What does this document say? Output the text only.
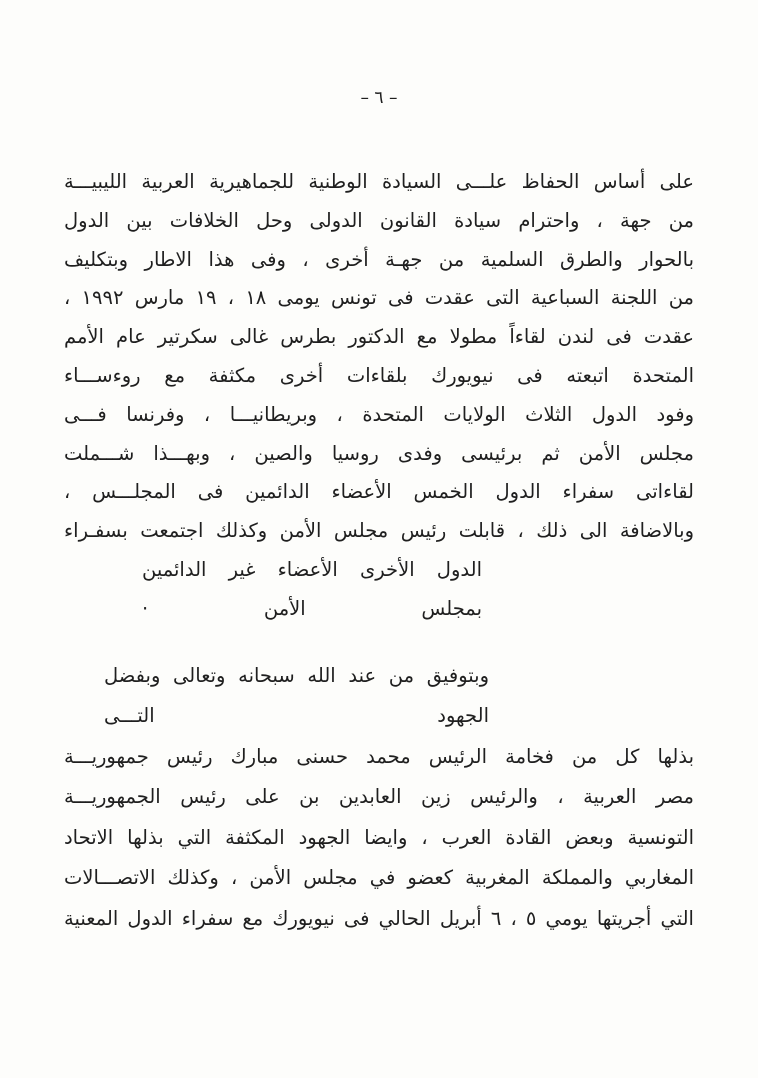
– ٦ –
على أساس الحفاظ علـــى السيادة الوطنية للجماهيرية العربية الليبيـــة
من جهة ، واحترام سيادة القانون الدولى وحل الخلافات بين الدول
بالحوار والطرق السلمية من جهـة أخرى ، وفى هذا الاطار وبتكليف
من اللجنة السباعية التى عقدت فى تونس يومى ١٨ ، ١٩ مارس ١٩٩٢ ،
عقدت فى لندن لقاءاً مطولا مع الدكتور بطرس غالى سكرتير عام الأمم
المتحدة اتبعته فى نيويورك بلقاءات أخرى مكثفة مع روءســـاء
وفود الدول الثلاث الولايات المتحدة ، وبريطانيـــا ، وفرنسا فـــى
مجلس الأمن ثم برئيسى وفدى روسيا والصين ، وبهـــذا شـــملت
لقاءاتى سفراء الدول الخمس الأعضاء الدائمين فى المجلـــس ،
وبالاضافة الى ذلك ، قابلت رئيس مجلس الأمن وكذلك اجتمعت بسفـراء
الدول الأخرى الأعضاء غير الدائمين بمجلس الأمن ·
وبتوفيق من عند الله سبحانه وتعالى وبفضل الجهود التـــى
بذلها كل من فخامة الرئيس محمد حسنى مبارك رئيس جمهوريـــة
مصر العربية ، والرئيس زين العابدين بن على رئيس الجمهوريـــة
التونسية وبعض القادة العرب ، وايضا الجهود المكثفة التي بذلها الاتحاد
المغاربي والمملكة المغربية كعضو في مجلس الأمن ، وكذلك الاتصـــالات
التي أجريتها يومي ٥ ، ٦ أبريل الحالي فى نيويورك مع سفراء الدول المعنية
